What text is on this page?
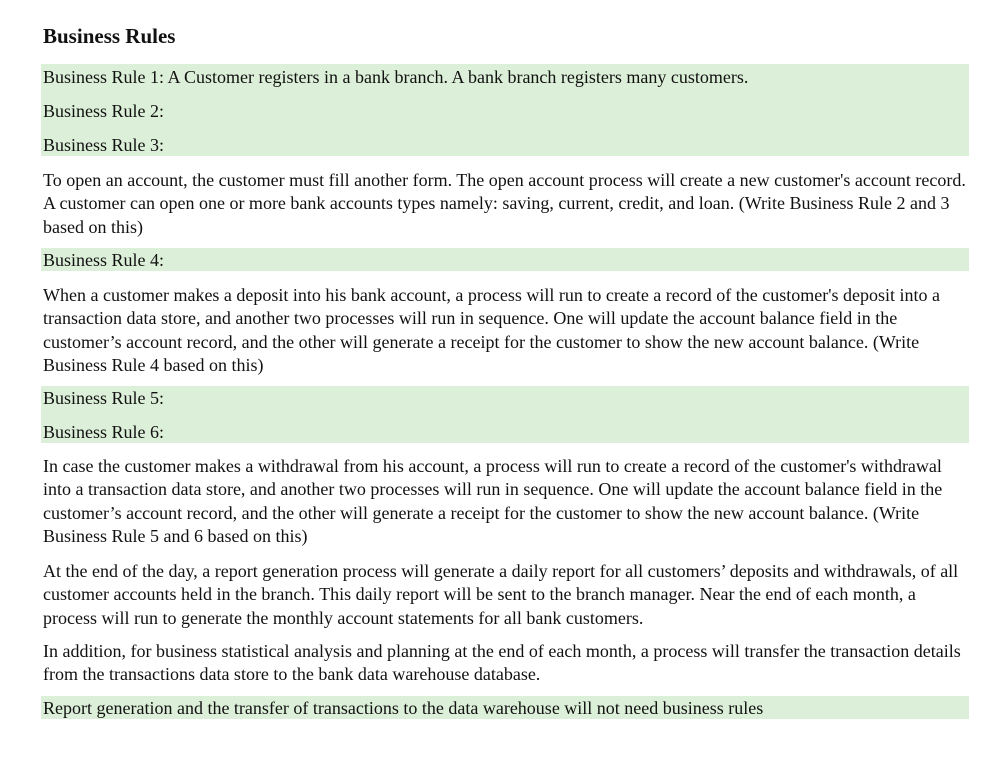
Business Rules

Business Rule 1: A Customer registers in a bank branch. A bank branch registers many customers.

Business Rule 2:

Business Rule 3:

To open an account, the customer must fill another form. The open account process will create a new customer's account record. A customer can open one or more bank accounts types namely: saving, current, credit, and loan. (Write Business Rule 2 and 3 based on this)

Business Rule 4:

When a customer makes a deposit into his bank account, a process will run to create a record of the customer's deposit into a transaction data store, and another two processes will run in sequence. One will update the account balance field in the customer’s account record, and the other will generate a receipt for the customer to show the new account balance. (Write Business Rule 4 based on this)

Business Rule 5:

Business Rule 6:

In case the customer makes a withdrawal from his account, a process will run to create a record of the customer's withdrawal into a transaction data store, and another two processes will run in sequence. One will update the account balance field in the customer’s account record, and the other will generate a receipt for the customer to show the new account balance. (Write Business Rule 5 and 6 based on this)

At the end of the day, a report generation process will generate a daily report for all customers’ deposits and withdrawals, of all customer accounts held in the branch. This daily report will be sent to the branch manager. Near the end of each month, a process will run to generate the monthly account statements for all bank customers.

In addition, for business statistical analysis and planning at the end of each month, a process will transfer the transaction details from the transactions data store to the bank data warehouse database.

Report generation and the transfer of transactions to the data warehouse will not need business rules
